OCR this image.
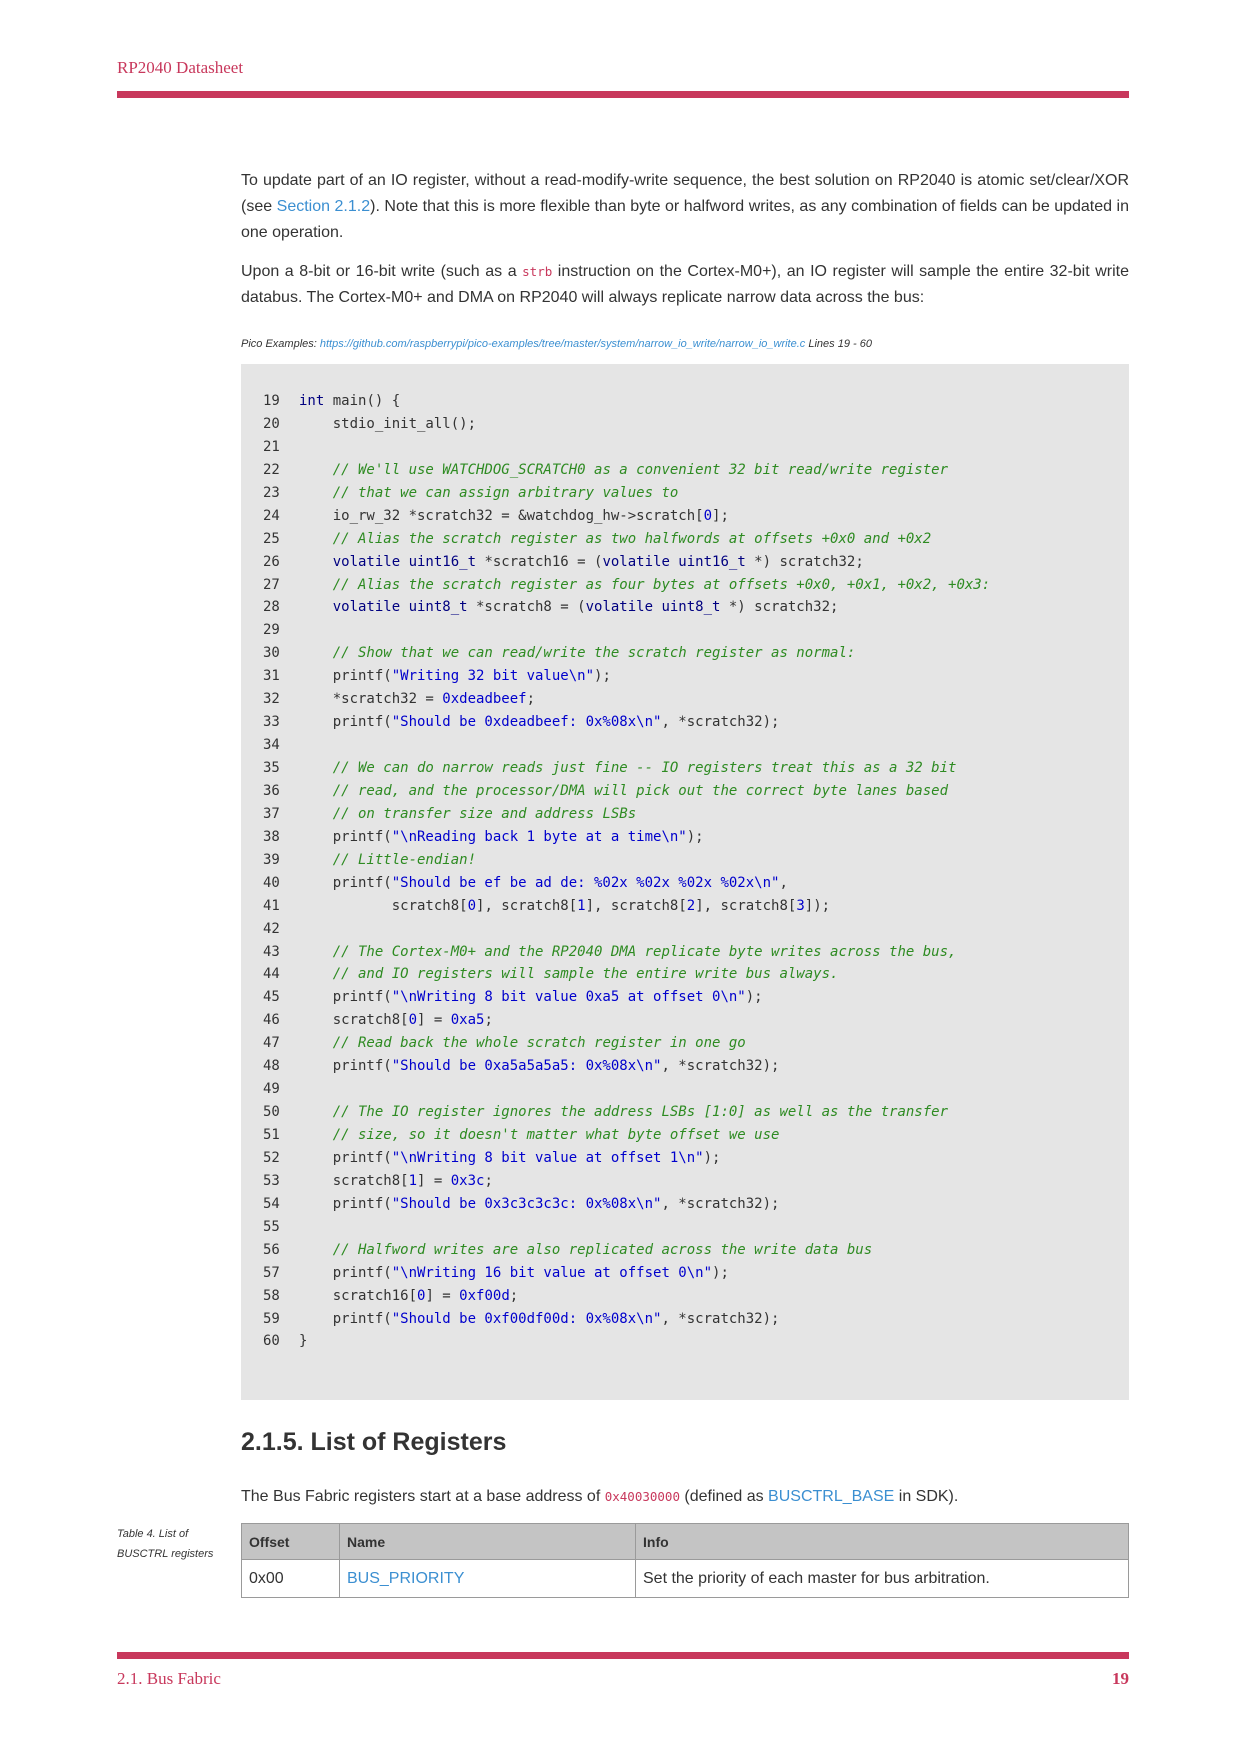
RP2040 Datasheet

To update part of an IO register, without a read-modify-write sequence, the best solution on RP2040 is atomic set/clear/XOR (see Section 2.1.2). Note that this is more flexible than byte or halfword writes, as any combination of fields can be updated in one operation.

Upon a 8-bit or 16-bit write (such as a strb instruction on the Cortex-M0+), an IO register will sample the entire 32-bit write databus. The Cortex-M0+ and DMA on RP2040 will always replicate narrow data across the bus:

Pico Examples: https://github.com/raspberrypi/pico-examples/tree/master/system/narrow_io_write/narrow_io_write.c Lines 19 - 60
19	int main() {
20	stdio_init_all();
21
22	// We'll use WATCHDOG_SCRATCH0 as a convenient 32 bit read/write register
23	// that we can assign arbitrary values to
24	io_rw_32 *scratch32 = &watchdog_hw->scratch[0];
25	// Alias the scratch register as two halfwords at offsets +0x0 and +0x2
26	volatile uint16_t *scratch16 = (volatile uint16_t *) scratch32;
27	// Alias the scratch register as four bytes at offsets +0x0, +0x1, +0x2, +0x3:
28	volatile uint8_t *scratch8 = (volatile uint8_t *) scratch32;
29
30	// Show that we can read/write the scratch register as normal:
31	printf("Writing 32 bit value\n");
32	*scratch32 = 0xdeadbeef;
33	printf("Should be 0xdeadbeef: 0x%08x\n", *scratch32);
34
35	// We can do narrow reads just fine -- IO registers treat this as a 32 bit
36	// read, and the processor/DMA will pick out the correct byte lanes based
37	// on transfer size and address LSBs
38	printf("\nReading back 1 byte at a time\n");
39	// Little-endian!
40	printf("Should be ef be ad de: %02x %02x %02x %02x\n",
41	scratch8[0], scratch8[1], scratch8[2], scratch8[3]);
42
43	// The Cortex-M0+ and the RP2040 DMA replicate byte writes across the bus,
44	// and IO registers will sample the entire write bus always.
45	printf("\nWriting 8 bit value 0xa5 at offset 0\n");
46	scratch8[0] = 0xa5;
47	// Read back the whole scratch register in one go
48	printf("Should be 0xa5a5a5a5: 0x%08x\n", *scratch32);
49
50	// The IO register ignores the address LSBs [1:0] as well as the transfer
51	// size, so it doesn't matter what byte offset we use
52	printf("\nWriting 8 bit value at offset 1\n");
53	scratch8[1] = 0x3c;
54	printf("Should be 0x3c3c3c3c: 0x%08x\n", *scratch32);
55
56	// Halfword writes are also replicated across the write data bus
57	printf("\nWriting 16 bit value at offset 0\n");
58	scratch16[0] = 0xf00d;
59	printf("Should be 0xf00df00d: 0x%08x\n", *scratch32);
60	}
2.1.5. List of Registers

The Bus Fabric registers start at a base address of 0x40030000 (defined as BUSCTRL_BASE in SDK).

Table 4. List of BUSCTRL registers
Offset	Name	Info
0x00	BUS_PRIORITY	Set the priority of each master for bus arbitration.
2.1. Bus Fabric	19
